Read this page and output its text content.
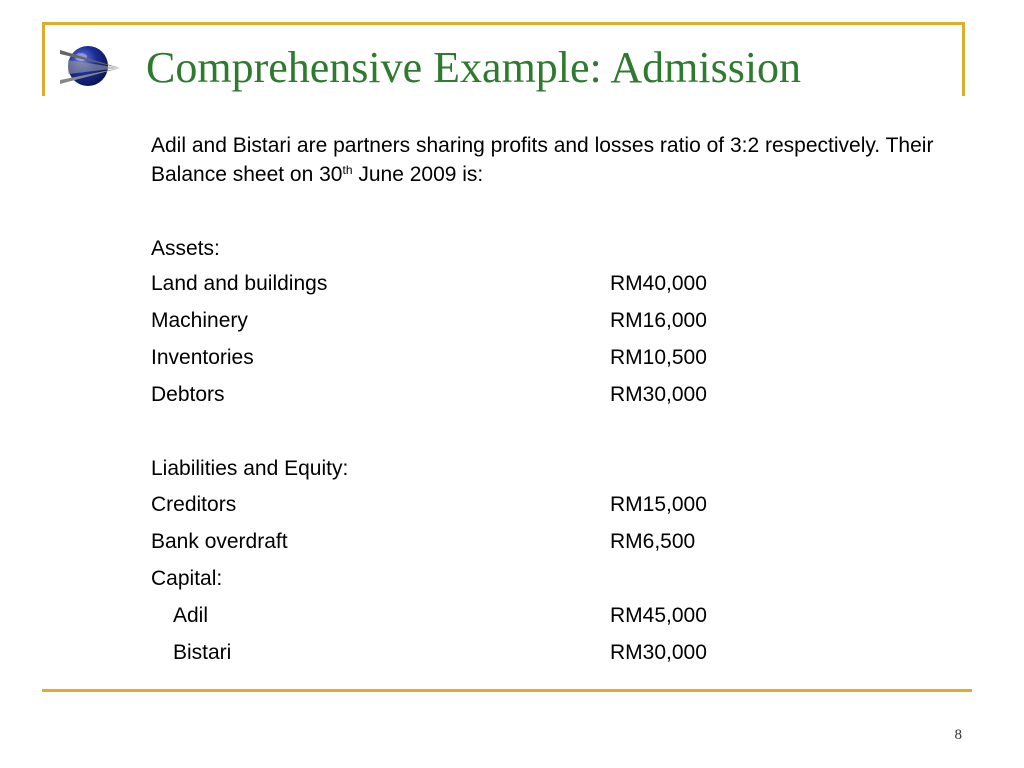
Comprehensive Example: Admission
Adil and Bistari are partners sharing profits and losses ratio of 3:2 respectively. Their Balance sheet on 30th June 2009 is:
Assets:
Land and buildings	RM40,000
Machinery	RM16,000
Inventories	RM10,500
Debtors	RM30,000
Liabilities and Equity:
Creditors	RM15,000
Bank overdraft	RM6,500
Capital:
Adil	RM45,000
Bistari	RM30,000
8
